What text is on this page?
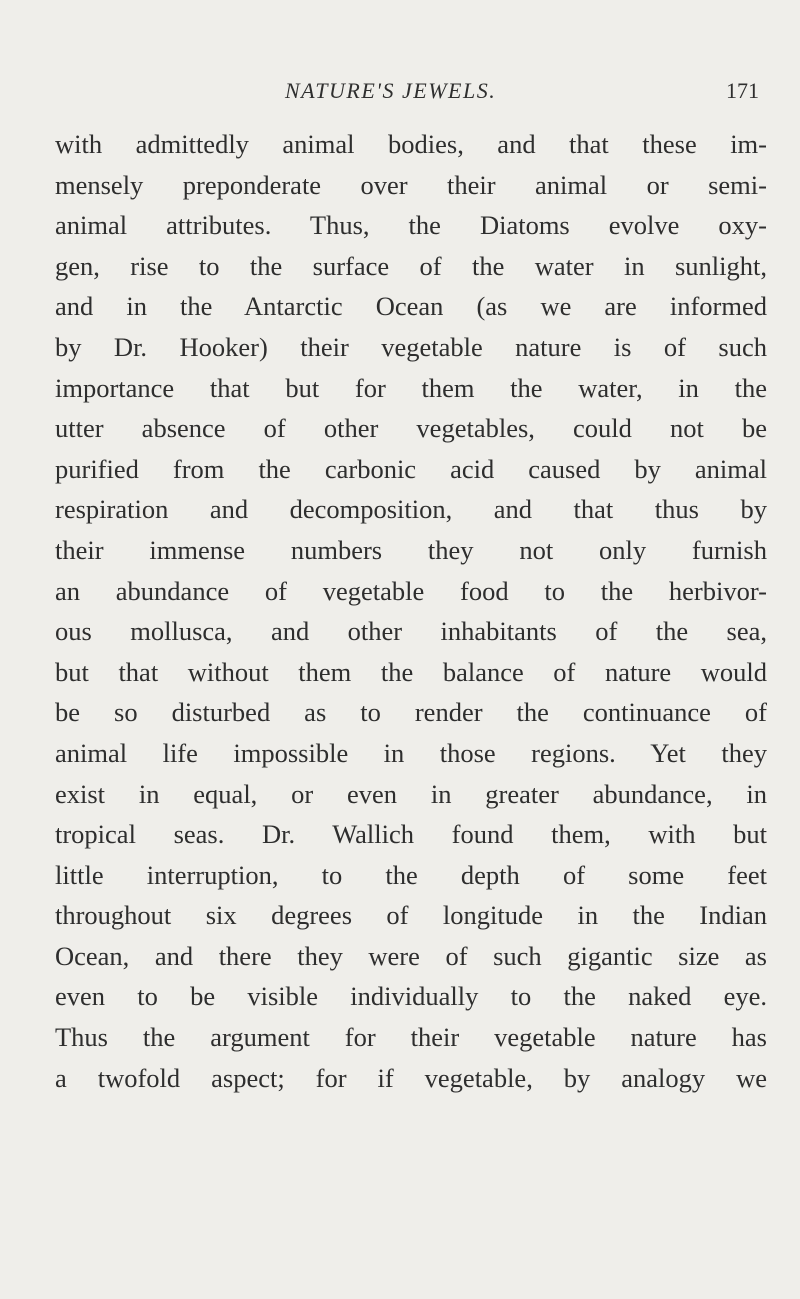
NATURE'S JEWELS.	171
with admittedly animal bodies, and that these im-
mensely preponderate over their animal or semi-
animal attributes. Thus, the Diatoms evolve oxy-
gen, rise to the surface of the water in sunlight,
and in the Antarctic Ocean (as we are informed
by Dr. Hooker) their vegetable nature is of such
importance that but for them the water, in the
utter absence of other vegetables, could not be
purified from the carbonic acid caused by animal
respiration and decomposition, and that thus by
their immense numbers they not only furnish
an abundance of vegetable food to the herbivor-
ous mollusca, and other inhabitants of the sea,
but that without them the balance of nature would
be so disturbed as to render the continuance of
animal life impossible in those regions. Yet they
exist in equal, or even in greater abundance, in
tropical seas. Dr. Wallich found them, with but
little interruption, to the depth of some feet
throughout six degrees of longitude in the Indian
Ocean, and there they were of such gigantic size as
even to be visible individually to the naked eye.
Thus the argument for their vegetable nature has
a twofold aspect; for if vegetable, by analogy we
